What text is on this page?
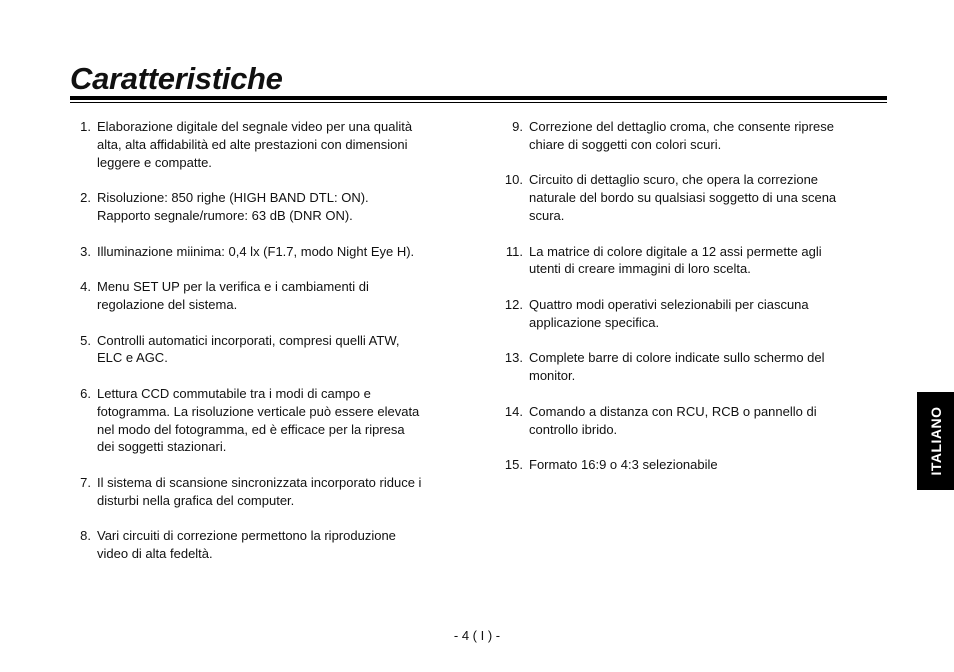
Caratteristiche
1. Elaborazione digitale del segnale video per una qualità
alta, alta affidabilità ed alte prestazioni con dimensioni
leggere e compatte.
2. Risoluzione: 850 righe (HIGH BAND DTL: ON).
Rapporto segnale/rumore: 63 dB (DNR ON).
3. Illuminazione miinima: 0,4 lx (F1.7, modo Night Eye H).
4. Menu SET UP per la verifica e i cambiamenti di
regolazione del sistema.
5. Controlli automatici incorporati, compresi quelli ATW,
ELC e AGC.
6. Lettura CCD commutabile tra i modi di campo e
fotogramma. La risoluzione verticale può essere elevata
nel modo del fotogramma, ed è efficace per la ripresa
dei soggetti stazionari.
7. Il sistema di scansione sincronizzata incorporato riduce i
disturbi nella grafica del computer.
8. Vari circuiti di correzione permettono la riproduzione
video di alta fedeltà.
9. Correzione del dettaglio croma, che consente riprese
chiare di soggetti con colori scuri.
10. Circuito di dettaglio scuro, che opera la correzione
naturale del bordo su qualsiasi soggetto di una scena
scura.
11. La matrice di colore digitale a 12 assi permette agli
utenti di creare immagini di loro scelta.
12. Quattro modi operativi selezionabili per ciascuna
applicazione specifica.
13. Complete barre di colore indicate sullo schermo del
monitor.
14. Comando a distanza con RCU, RCB o pannello di
controllo ibrido.
15. Formato 16:9 o 4:3 selezionabile	ITALIANO
- 4 ( I ) -
